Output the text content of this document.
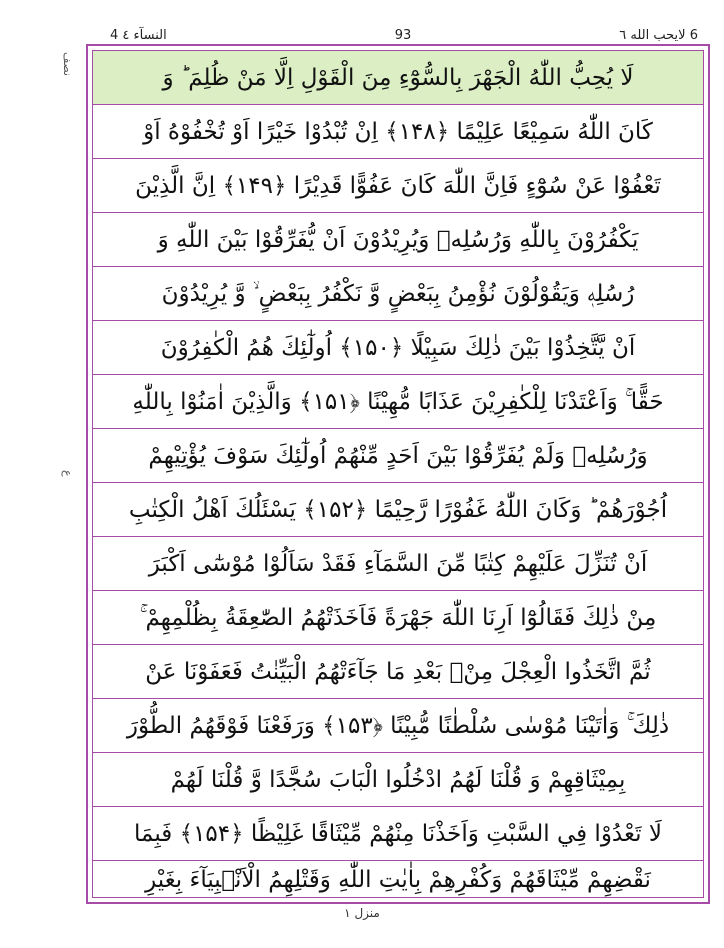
4 النسآء ٤	93	6 لايحب الله ٦
ﻧﺼﻒ
ﻉ
لَا يُحِبُّ اللّٰهُ الْجَهْرَ بِالسُّوْٓءِ مِنَ الْقَوْلِ اِلَّا مَنْ ظُلِمَ ؕ وَ
كَانَ اللّٰهُ سَمِيْعًا عَلِيْمًا ﴿۱۴۸﴾ اِنْ تُبْدُوْا خَيْرًا اَوْ تُخْفُوْهُ اَوْ
تَعْفُوْا عَنْ سُوْٓءٍ فَاِنَّ اللّٰهَ كَانَ عَفُوًّا قَدِيْرًا ﴿۱۴۹﴾ اِنَّ الَّذِيْنَ
يَكْفُرُوْنَ بِاللّٰهِ وَرُسُلِهٖ وَيُرِيْدُوْنَ اَنْ يُّفَرِّقُوْا بَيْنَ اللّٰهِ وَ
رُسُلِهٖ وَيَقُوْلُوْنَ نُؤْمِنُ بِبَعْضٍ وَّ نَكْفُرُ بِبَعْضٍ ۙ وَّ يُرِيْدُوْنَ
اَنْ يَّتَّخِذُوْا بَيْنَ ذٰلِكَ سَبِيْلًا ﴿۱۵۰﴾ اُولٰٓئِكَ هُمُ الْكٰفِرُوْنَ
حَقًّا ۚ وَاَعْتَدْنَا لِلْكٰفِرِيْنَ عَذَابًا مُّهِيْنًا ﴿۱۵۱﴾ وَالَّذِيْنَ اٰمَنُوْا بِاللّٰهِ
وَرُسُلِهٖ وَلَمْ يُفَرِّقُوْا بَيْنَ اَحَدٍ مِّنْهُمْ اُولٰٓئِكَ سَوْفَ يُؤْتِيْهِمْ
اُجُوْرَهُمْ ؕ وَكَانَ اللّٰهُ غَفُوْرًا رَّحِيْمًا ﴿۱۵۲﴾ يَسْئَلُكَ اَهْلُ الْكِتٰبِ
اَنْ تُنَزِّلَ عَلَيْهِمْ كِتٰبًا مِّنَ السَّمَآءِ فَقَدْ سَاَلُوْا مُوْسٰٓى اَكْبَرَ
مِنْ ذٰلِكَ فَقَالُوْٓا اَرِنَا اللّٰهَ جَهْرَةً فَاَخَذَتْهُمُ الصّٰعِقَةُ بِظُلْمِهِمْ ۚ
ثُمَّ اتَّخَذُوا الْعِجْلَ مِنْۢ بَعْدِ مَا جَآءَتْهُمُ الْبَيِّنٰتُ فَعَفَوْنَا عَنْ
ذٰلِكَ ۚ وَاٰتَيْنَا مُوْسٰى سُلْطٰنًا مُّبِيْنًا ﴿۱۵۳﴾ وَرَفَعْنَا فَوْقَهُمُ الطُّوْرَ
بِمِيْثَاقِهِمْ وَ قُلْنَا لَهُمُ ادْخُلُوا الْبَابَ سُجَّدًا وَّ قُلْنَا لَهُمْ
لَا تَعْدُوْا فِي السَّبْتِ وَاَخَذْنَا مِنْهُمْ مِّيْثَاقًا غَلِيْظًا ﴿۱۵۴﴾ فَبِمَا
نَقْضِهِمْ مِّيْثَاقَهُمْ وَكُفْرِهِمْ بِاٰيٰتِ اللّٰهِ وَقَتْلِهِمُ الْاَنْۢبِيَآءَ بِغَيْرِ
منزل ١
